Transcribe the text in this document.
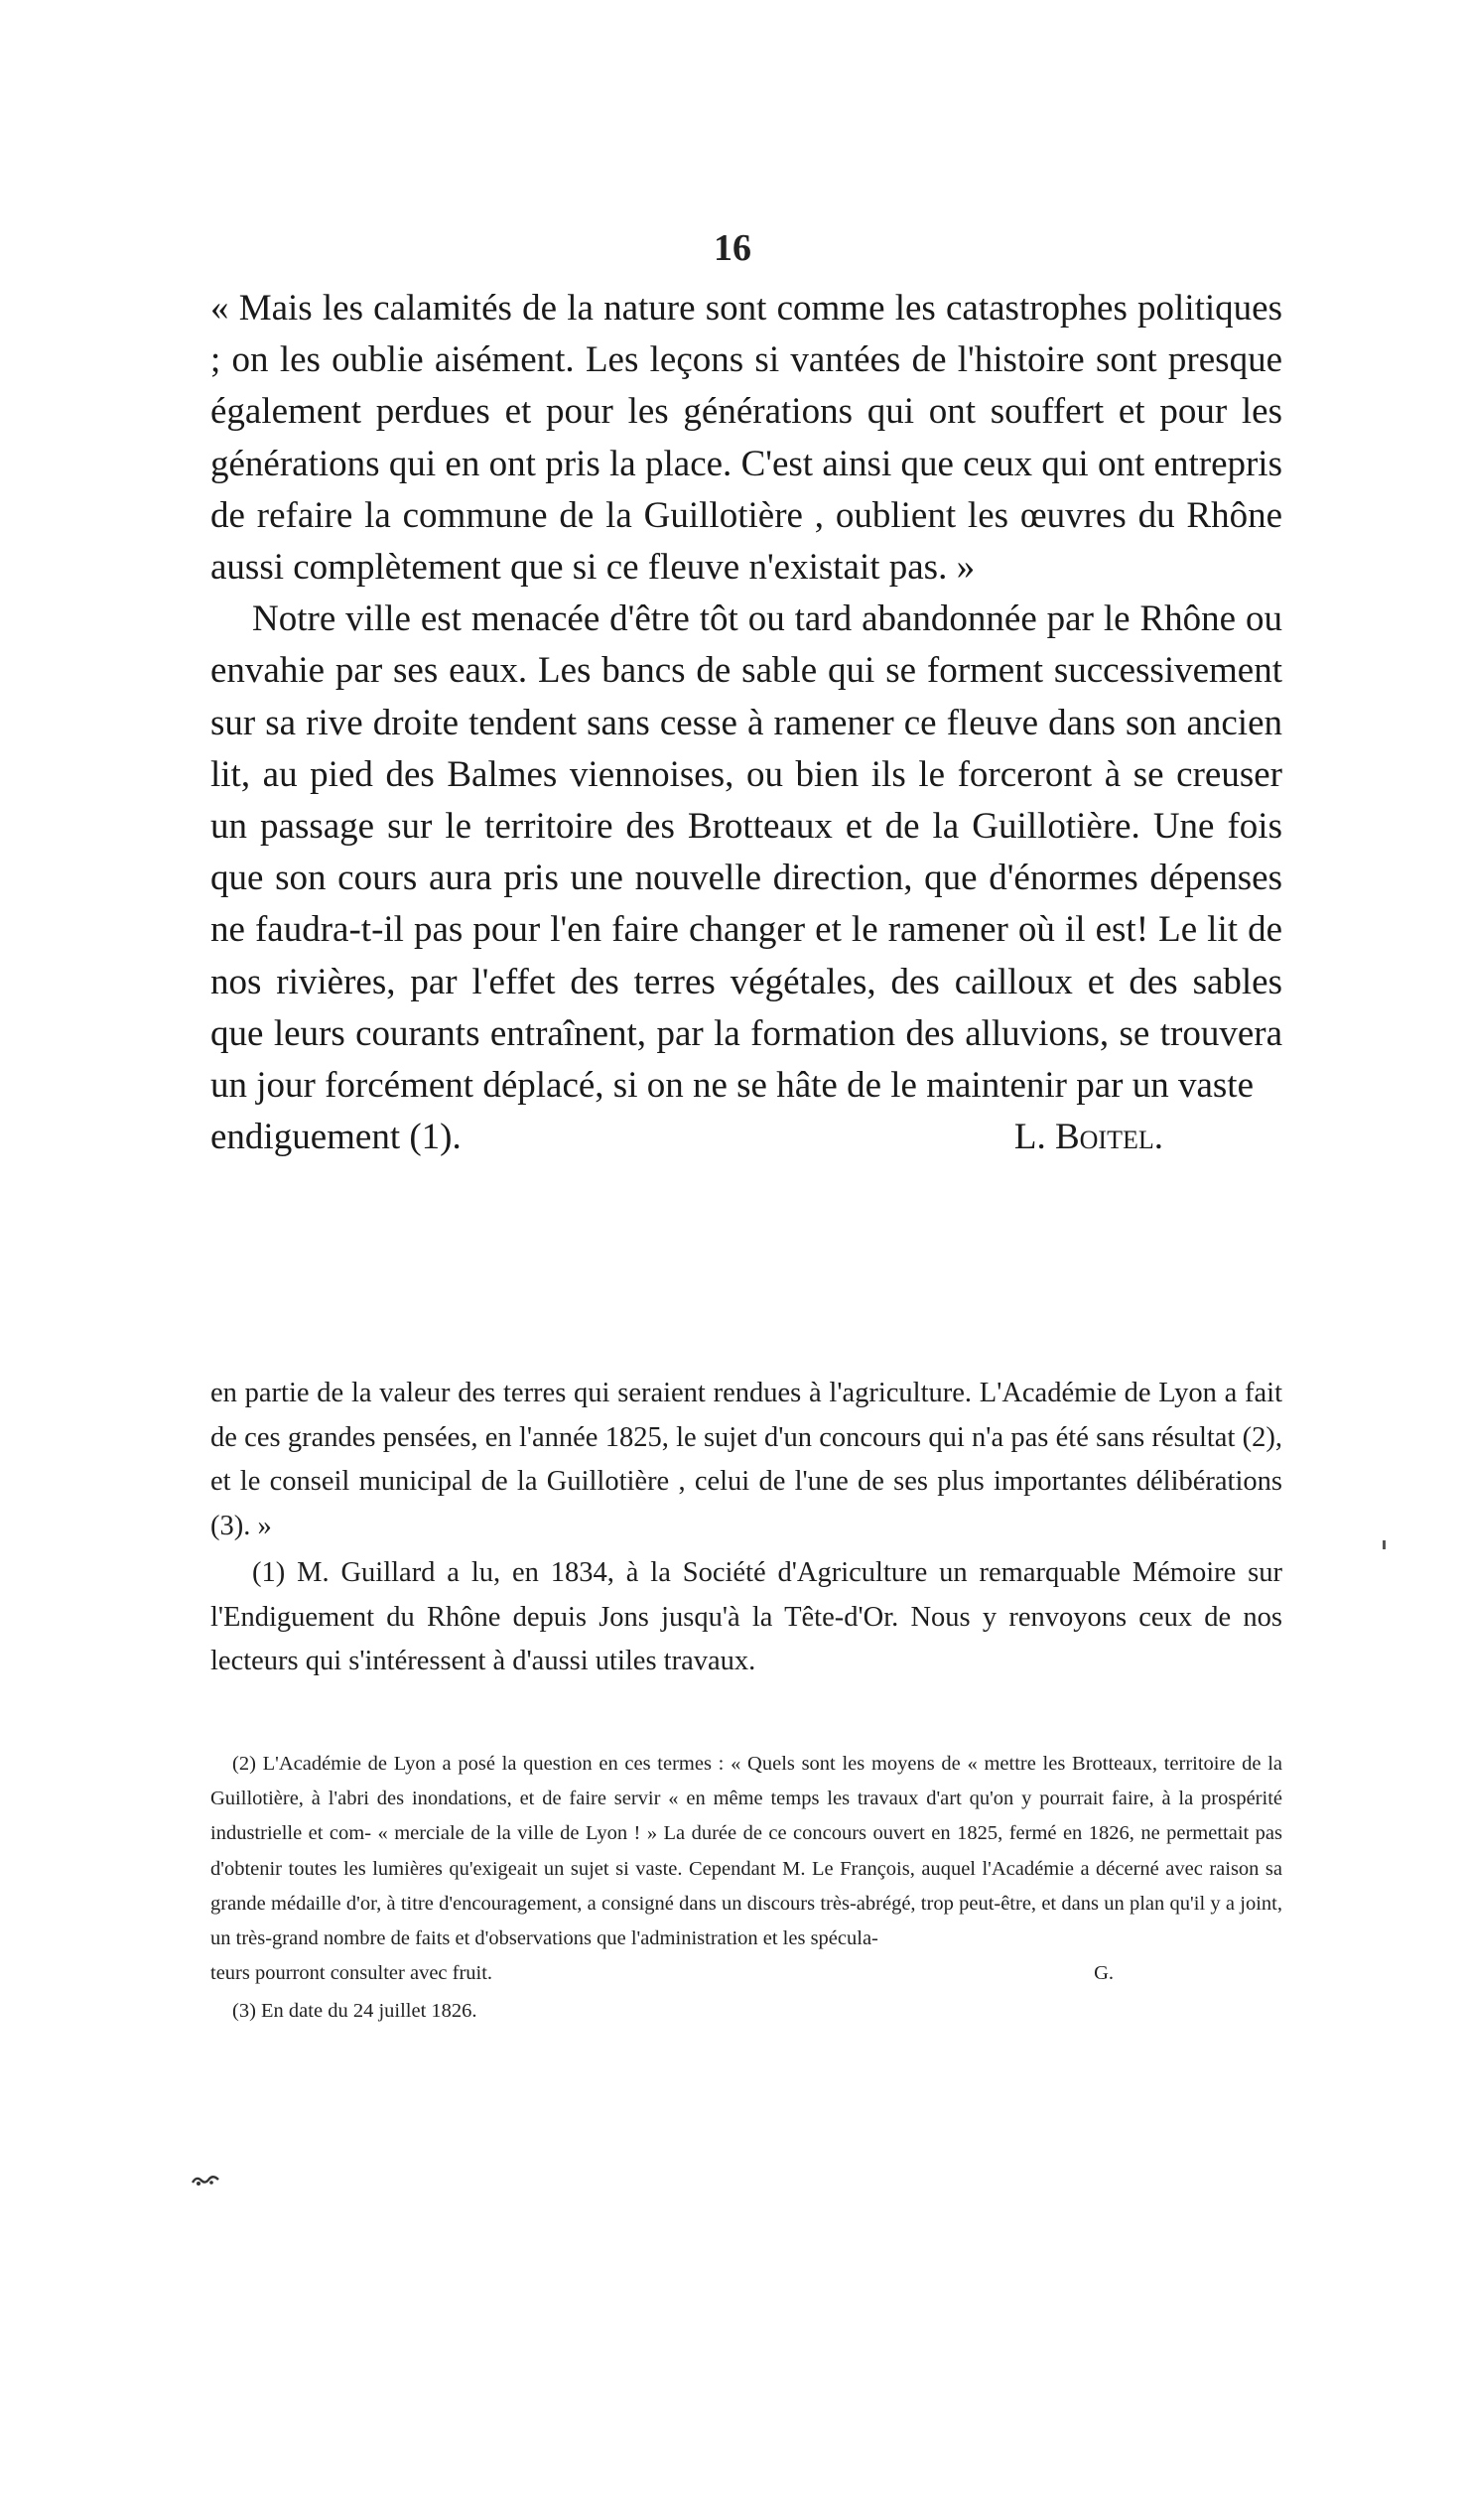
16

« Mais les calamités de la nature sont comme les catastrophes politiques ; on les oublie aisément. Les leçons si vantées de l'histoire sont presque également perdues et pour les générations qui ont souffert et pour les générations qui en ont pris la place. C'est ainsi que ceux qui ont entrepris de refaire la commune de la Guillotière , oublient les œuvres du Rhône aussi complètement que si ce fleuve n'existait pas. »

Notre ville est menacée d'être tôt ou tard abandonnée par le Rhône ou envahie par ses eaux. Les bancs de sable qui se forment successivement sur sa rive droite tendent sans cesse à ramener ce fleuve dans son ancien lit, au pied des Balmes viennoises, ou bien ils le forceront à se creuser un passage sur le territoire des Brotteaux et de la Guillotière. Une fois que son cours aura pris une nouvelle direction, que d'énormes dépenses ne faudra-t-il pas pour l'en faire changer et le ramener où il est! Le lit de nos rivières, par l'effet des terres végétales, des cailloux et des sables que leurs courants entraînent, par la formation des alluvions, se trouvera un jour forcément déplacé, si on ne se hâte de le maintenir par un vaste

endiguement (1).	L. Boitel.

en partie de la valeur des terres qui seraient rendues à l'agriculture. L'Académie de Lyon a fait de ces grandes pensées, en l'année 1825, le sujet d'un concours qui n'a pas été sans résultat (2), et le conseil municipal de la Guillotière , celui de l'une de ses plus importantes délibérations (3). »

(1) M. Guillard a lu, en 1834, à la Société d'Agriculture un remarquable Mémoire sur l'Endiguement du Rhône depuis Jons jusqu'à la Tête-d'Or. Nous y renvoyons ceux de nos lecteurs qui s'intéressent à d'aussi utiles travaux.

(2) L'Académie de Lyon a posé la question en ces termes : « Quels sont les moyens de « mettre les Brotteaux, territoire de la Guillotière, à l'abri des inondations, et de faire servir « en même temps les travaux d'art qu'on y pourrait faire, à la prospérité industrielle et com- « merciale de la ville de Lyon ! » La durée de ce concours ouvert en 1825, fermé en 1826, ne permettait pas d'obtenir toutes les lumières qu'exigeait un sujet si vaste. Cependant M. Le François, auquel l'Académie a décerné avec raison sa grande médaille d'or, à titre d'encouragement, a consigné dans un discours très-abrégé, trop peut-être, et dans un plan qu'il y a joint, un très-grand nombre de faits et d'observations que l'administration et les spécula-

teurs pourront consulter avec fruit.	G.

(3) En date du 24 juillet 1826.
